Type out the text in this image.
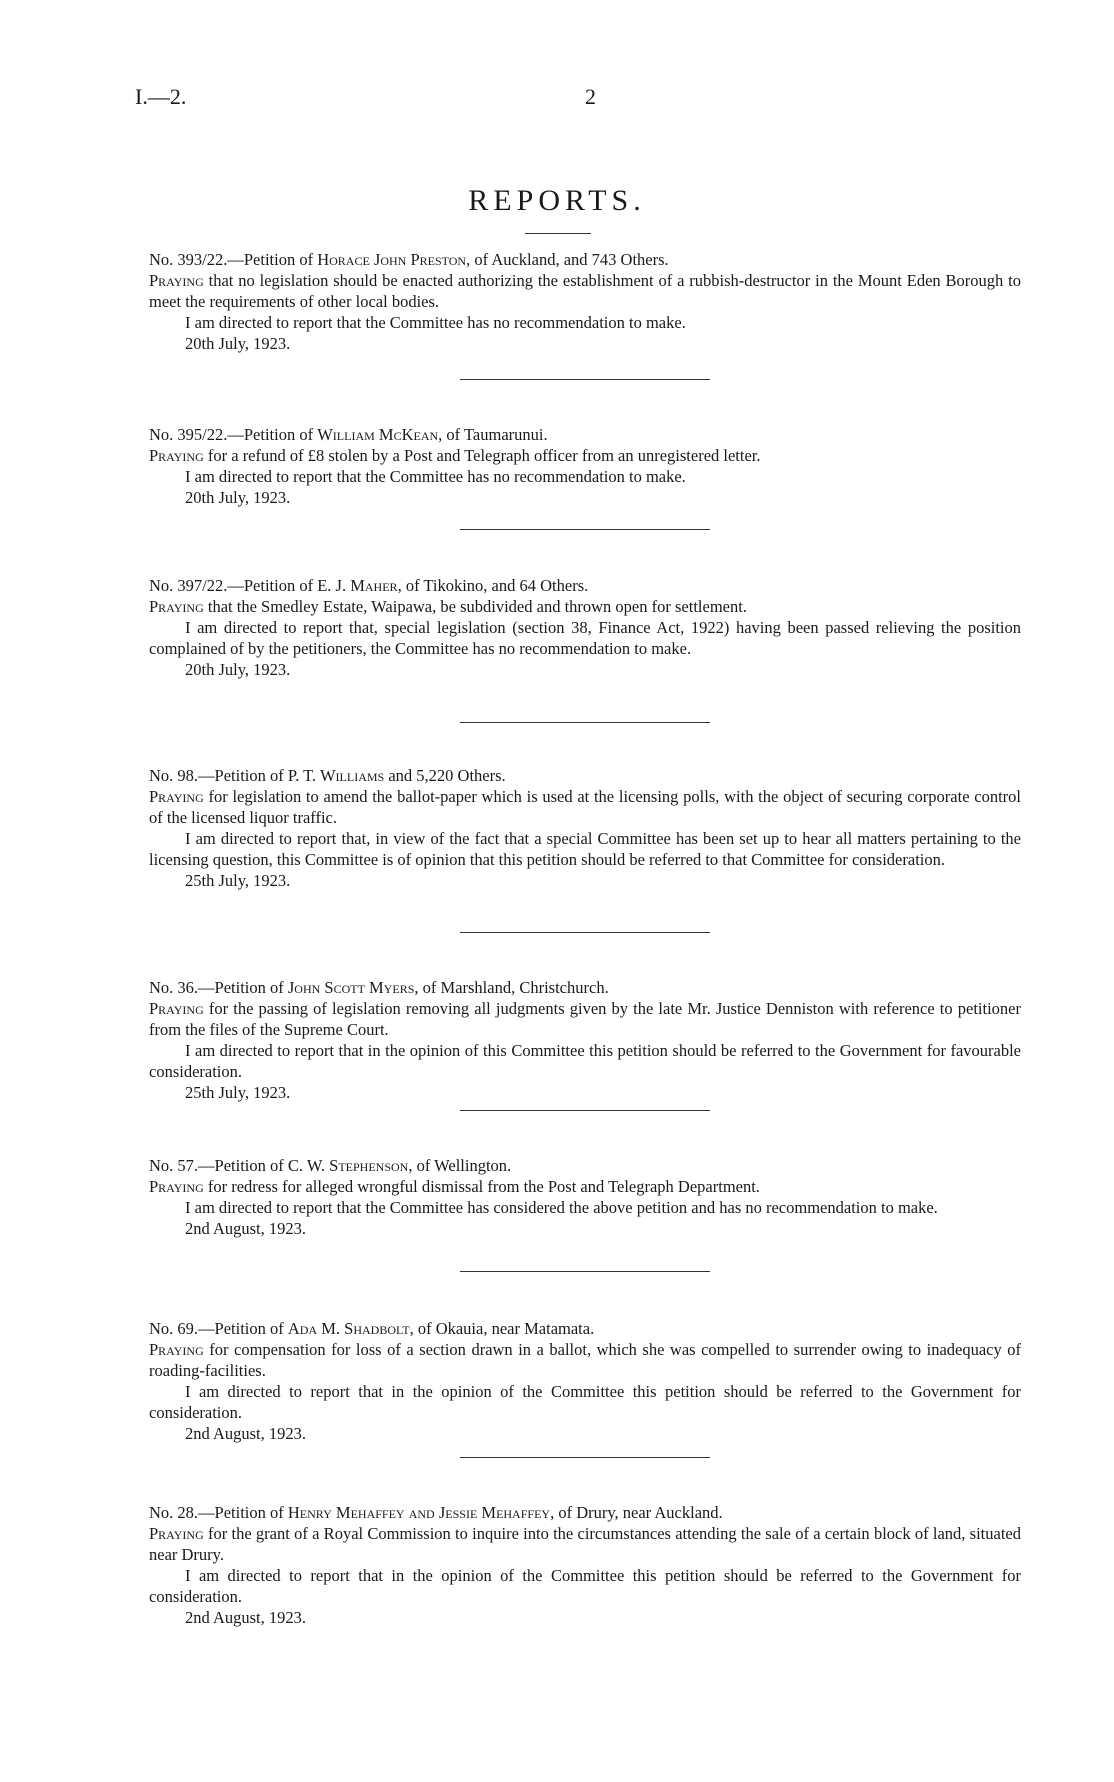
I.—2.	2
REPORTS.

No. 393/22.—Petition of Horace John Preston, of Auckland, and 743 Others.

Praying that no legislation should be enacted authorizing the establishment of a rubbish-destructor in the Mount Eden Borough to meet the requirements of other local bodies.

I am directed to report that the Committee has no recommendation to make.

20th July, 1923.

No. 395/22.—Petition of William McKean, of Taumarunui.

Praying for a refund of £8 stolen by a Post and Telegraph officer from an unregistered letter.

I am directed to report that the Committee has no recommendation to make.

20th July, 1923.

No. 397/22.—Petition of E. J. Maher, of Tikokino, and 64 Others.

Praying that the Smedley Estate, Waipawa, be subdivided and thrown open for settlement.

I am directed to report that, special legislation (section 38, Finance Act, 1922) having been passed relieving the position complained of by the petitioners, the Committee has no recommendation to make.

20th July, 1923.

No. 98.—Petition of P. T. Williams and 5,220 Others.

Praying for legislation to amend the ballot-paper which is used at the licensing polls, with the object of securing corporate control of the licensed liquor traffic.

I am directed to report that, in view of the fact that a special Committee has been set up to hear all matters pertaining to the licensing question, this Committee is of opinion that this petition should be referred to that Committee for consideration.

25th July, 1923.

No. 36.—Petition of John Scott Myers, of Marshland, Christchurch.

Praying for the passing of legislation removing all judgments given by the late Mr. Justice Denniston with reference to petitioner from the files of the Supreme Court.

I am directed to report that in the opinion of this Committee this petition should be referred to the Government for favourable consideration.

25th July, 1923.

No. 57.—Petition of C. W. Stephenson, of Wellington.

Praying for redress for alleged wrongful dismissal from the Post and Telegraph Department.

I am directed to report that the Committee has considered the above petition and has no recommendation to make.

2nd August, 1923.

No. 69.—Petition of Ada M. Shadbolt, of Okauia, near Matamata.

Praying for compensation for loss of a section drawn in a ballot, which she was compelled to surrender owing to inadequacy of roading-facilities.

I am directed to report that in the opinion of the Committee this petition should be referred to the Government for consideration.

2nd August, 1923.

No. 28.—Petition of Henry Mehaffey and Jessie Mehaffey, of Drury, near Auckland.

Praying for the grant of a Royal Commission to inquire into the circumstances attending the sale of a certain block of land, situated near Drury.

I am directed to report that in the opinion of the Committee this petition should be referred to the Government for consideration.

2nd August, 1923.
